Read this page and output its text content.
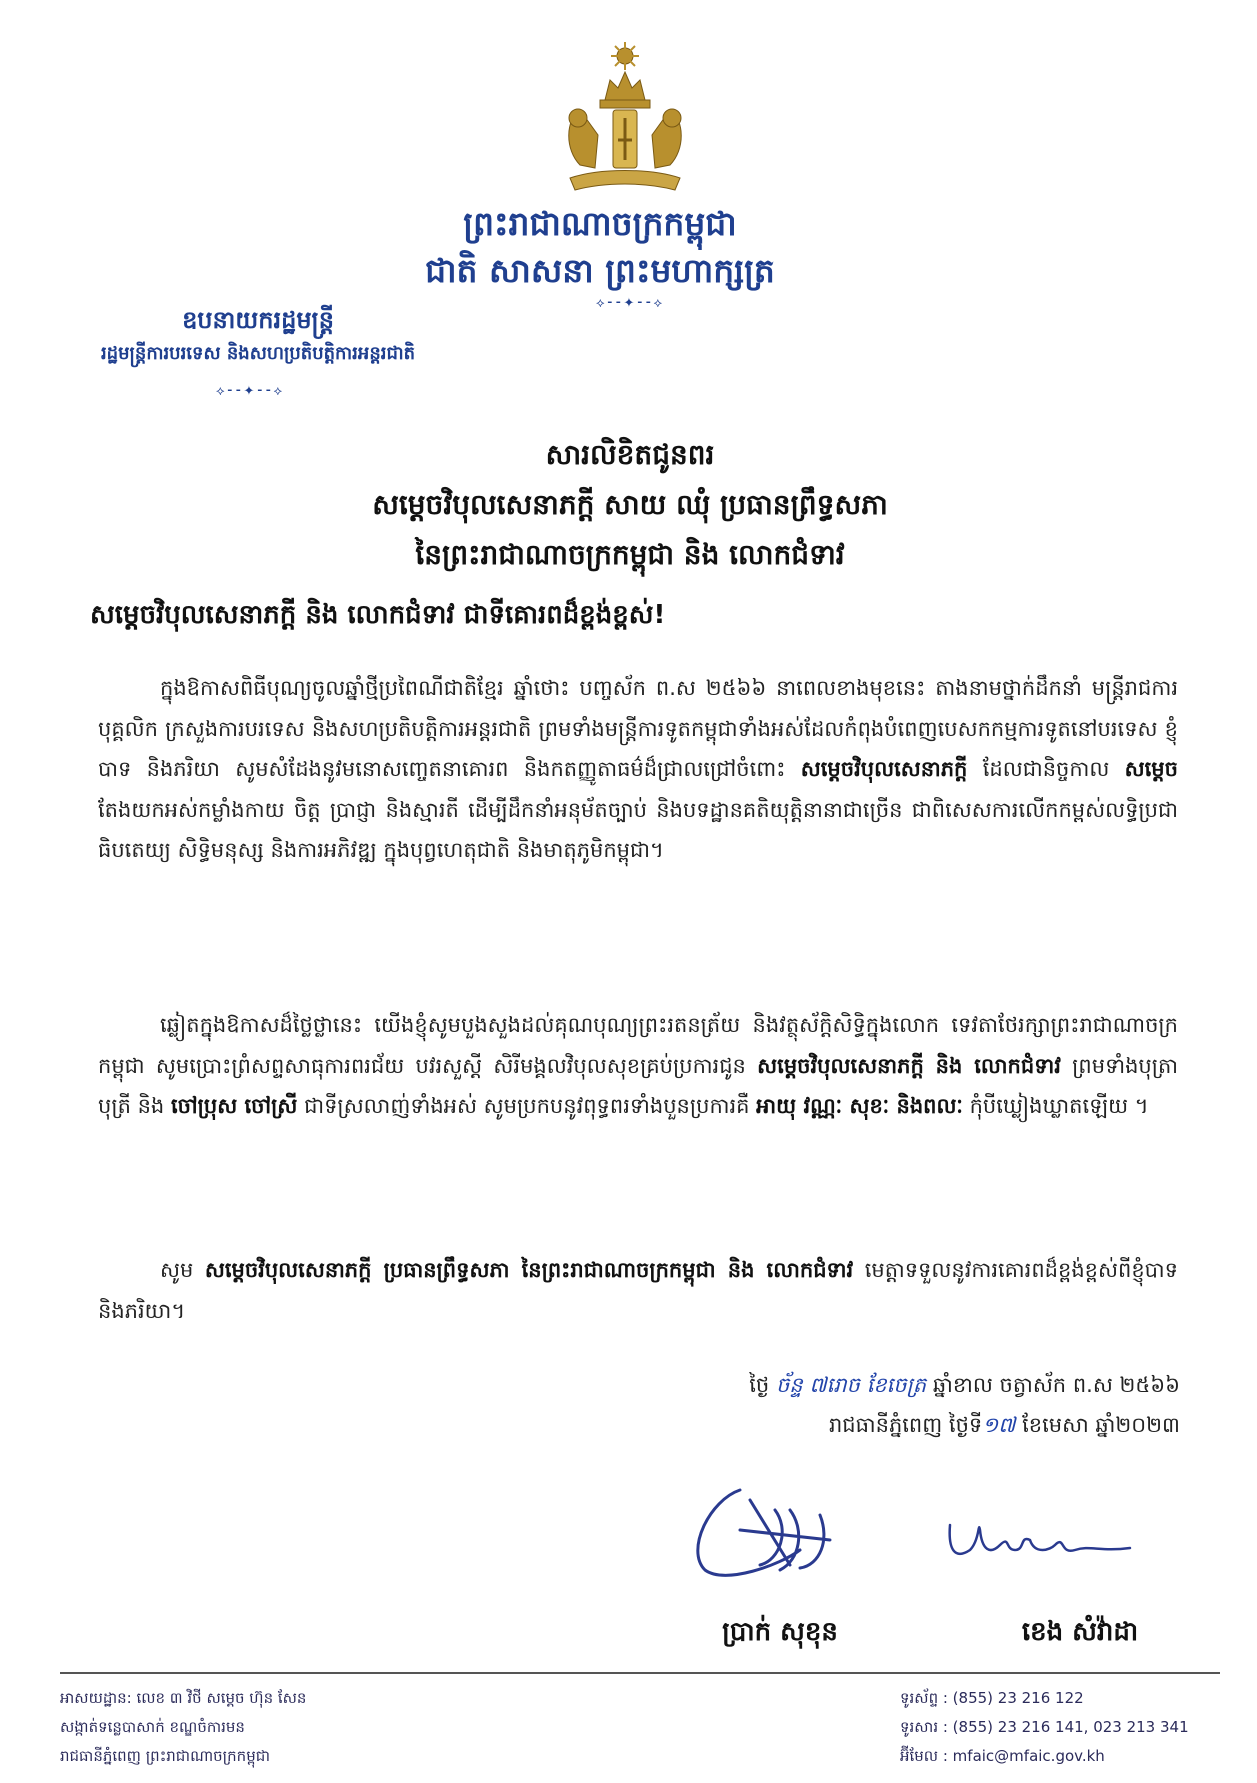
ព្រះរាជាណាចក្រកម្ពុជា
ជាតិ សាសនា ព្រះមហាក្សត្រ
⟡⁃⁃✦⁃⁃⟡
ឧបនាយករដ្ឋមន្ត្រី
រដ្ឋមន្ត្រីការបរទេស និងសហប្រតិបត្តិការអន្តរជាតិ
⟡⁃⁃✦⁃⁃⟡
សារលិខិតជូនពរ
សម្តេចវិបុលសេនាភក្តី សាយ ឈុំ ប្រធានព្រឹទ្ធសភា
នៃព្រះរាជាណាចក្រកម្ពុជា និង លោកជំទាវ
សម្តេចវិបុលសេនាភក្តី និង លោកជំទាវ ជាទីគោរពដ៏ខ្ពង់ខ្ពស់!
ក្នុងឱកាសពិធីបុណ្យចូលឆ្នាំថ្មីប្រពៃណីជាតិខ្មែរ ឆ្នាំថោះ បញ្ចស័ក ព.ស ២៥៦៦ នាពេលខាងមុខនេះ តាងនាមថ្នាក់ដឹកនាំ មន្ត្រីរាជការ បុគ្គលិក ក្រសួងការបរទេស និងសហប្រតិបត្តិការអន្តរជាតិ ព្រមទាំងមន្ត្រីការទូតកម្ពុជាទាំងអស់ដែលកំពុងបំពេញបេសកកម្មការទូតនៅបរទេស ខ្ញុំបាទ និងភរិយា សូមសំដែងនូវមនោសញ្ចេតនាគោរព និងកតញ្ញូតាធម៌ដ៏ជ្រាលជ្រៅចំពោះ សម្តេចវិបុលសេនាភក្តី ដែលជានិច្ចកាល សម្តេច តែងយកអស់កម្លាំងកាយ ចិត្ត ប្រាជ្ញា និងស្មារតី ដើម្បីដឹកនាំអនុម័តច្បាប់ និងបទដ្ឋានគតិយុត្តិនានាជាច្រើន ជាពិសេសការលើកកម្ពស់លទ្ធិប្រជាធិបតេយ្យ សិទ្ធិមនុស្ស និងការអភិវឌ្ឍ ក្នុងបុព្វហេតុជាតិ និងមាតុភូមិកម្ពុជា។
ឆ្លៀតក្នុងឱកាសដ៏ថ្លៃថ្លានេះ យើងខ្ញុំសូមបួងសួងដល់គុណបុណ្យព្រះរតនត្រ័យ និងវត្ថុស័ក្តិសិទ្ធិក្នុងលោក ទេវតាថែរក្សាព្រះរាជាណាចក្រកម្ពុជា សូមប្រោះព្រំសព្ទសាធុការពរជ័យ បវរសួស្តី សិរីមង្គលវិបុលសុខគ្រប់ប្រការជូន សម្តេចវិបុលសេនាភក្តី និង លោកជំទាវ ព្រមទាំងបុត្រា បុត្រី និង ចៅប្រុស ចៅស្រី ជាទីស្រលាញ់ទាំងអស់ សូមប្រកបនូវពុទ្ធពរទាំងបួនប្រការគឺ អាយុ វណ្ណៈ សុខៈ និងពលៈ កុំបីឃ្លៀងឃ្លាតឡើយ ។
សូម សម្តេចវិបុលសេនាភក្តី ប្រធានព្រឹទ្ធសភា នៃព្រះរាជាណាចក្រកម្ពុជា និង លោកជំទាវ មេត្តាទទួលនូវការគោរពដ៏ខ្ពង់ខ្ពស់ពីខ្ញុំបាទ និងភរិយា។
ថ្ងៃ ច័ន្ទ ៧រោច ខែចេត្រ ឆ្នាំខាល ចត្វាស័ក ព.ស ២៥៦៦
រាជធានីភ្នំពេញ ថ្ងៃទី១៧ ខែមេសា ឆ្នាំ២០២៣
ប្រាក់ សុខុន	ខេង សំវ៉ាដា
អាសយដ្ឋាន: លេខ ៣ វិថី សម្តេច ហ៊ុន សែន
សង្កាត់ទន្លេបាសាក់ ខណ្ឌចំការមន
រាជធានីភ្នំពេញ ព្រះរាជាណាចក្រកម្ពុជា
ទូរស័ព្ទ : (855) 23 216 122
ទូរសារ : (855) 23 216 141, 023 213 341
អ៊ីមែល : mfaic@mfaic.gov.kh
